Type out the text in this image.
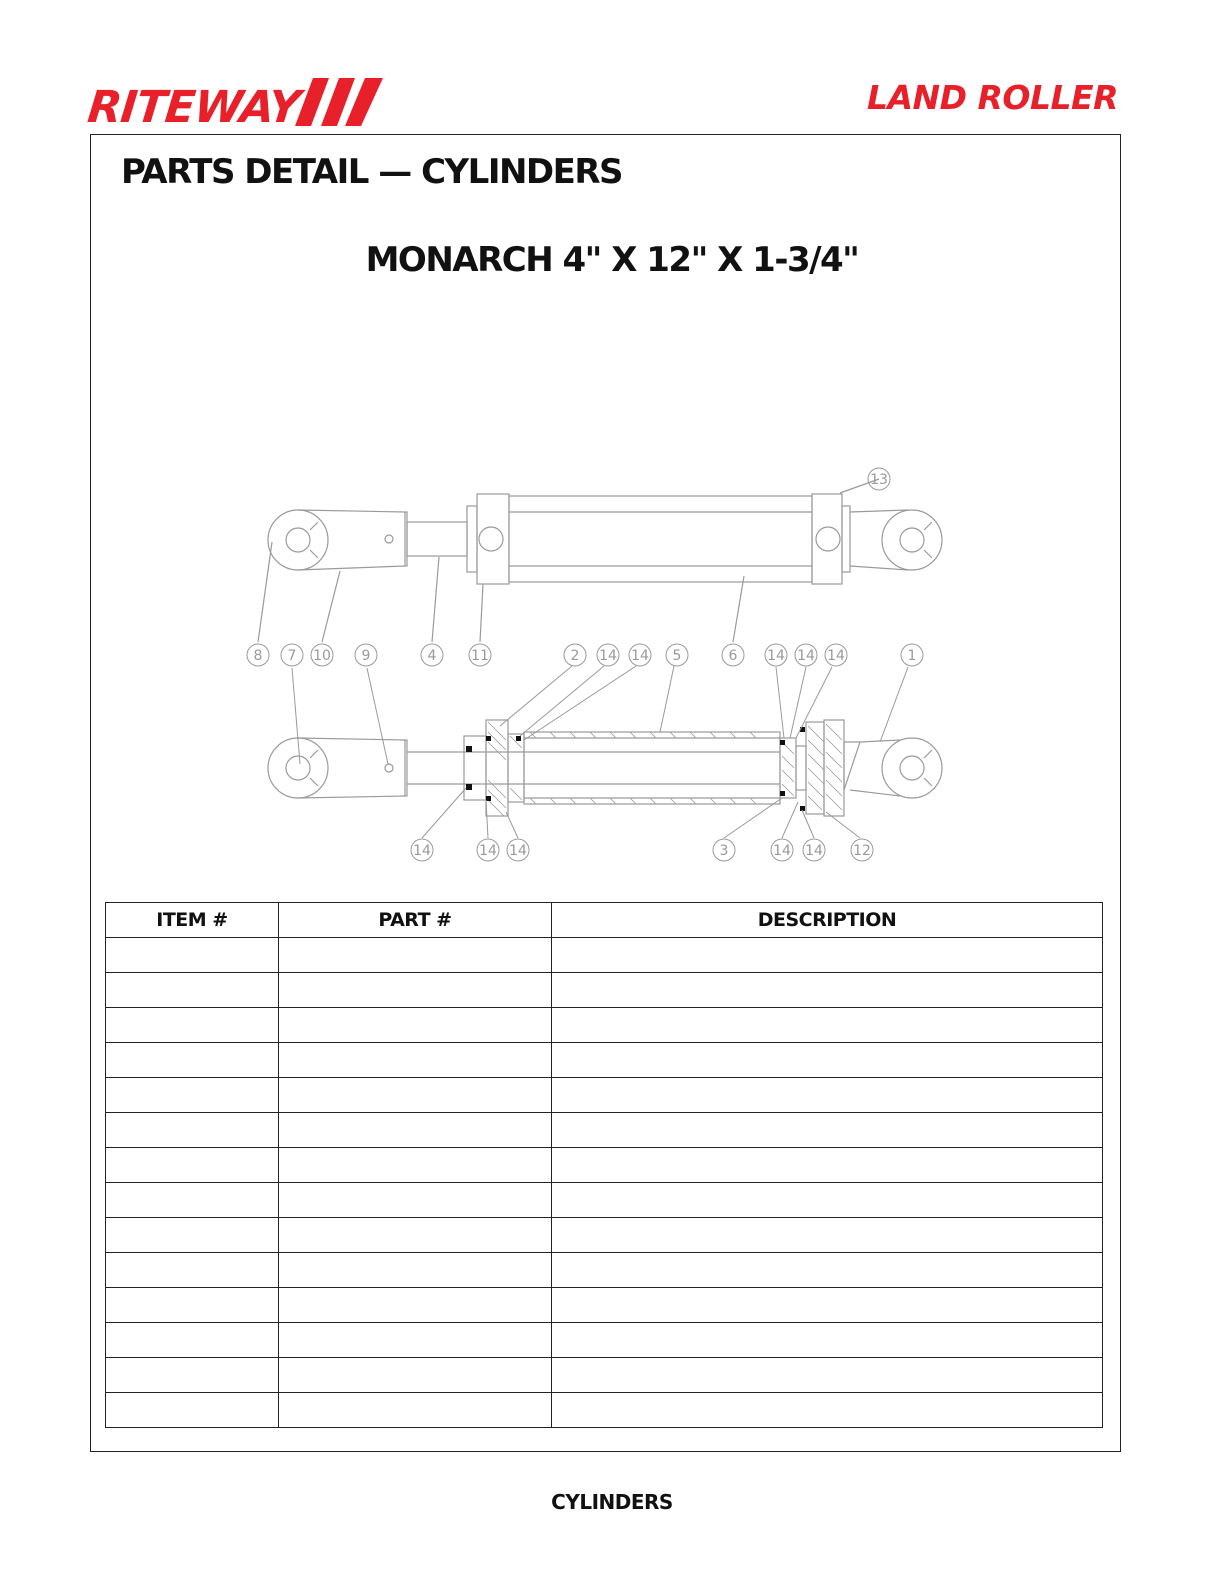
RITEWAY	LAND ROLLER
PARTS DETAIL — CYLINDERS
MONARCH 4" X 12" X 1-3/4"
13
8 7 10 9	4 11	2 14 14 5	6 14 14 14	1
14	14 14	3	14 14 12
ITEM #	PART #	DESCRIPTION

CYLINDERS
